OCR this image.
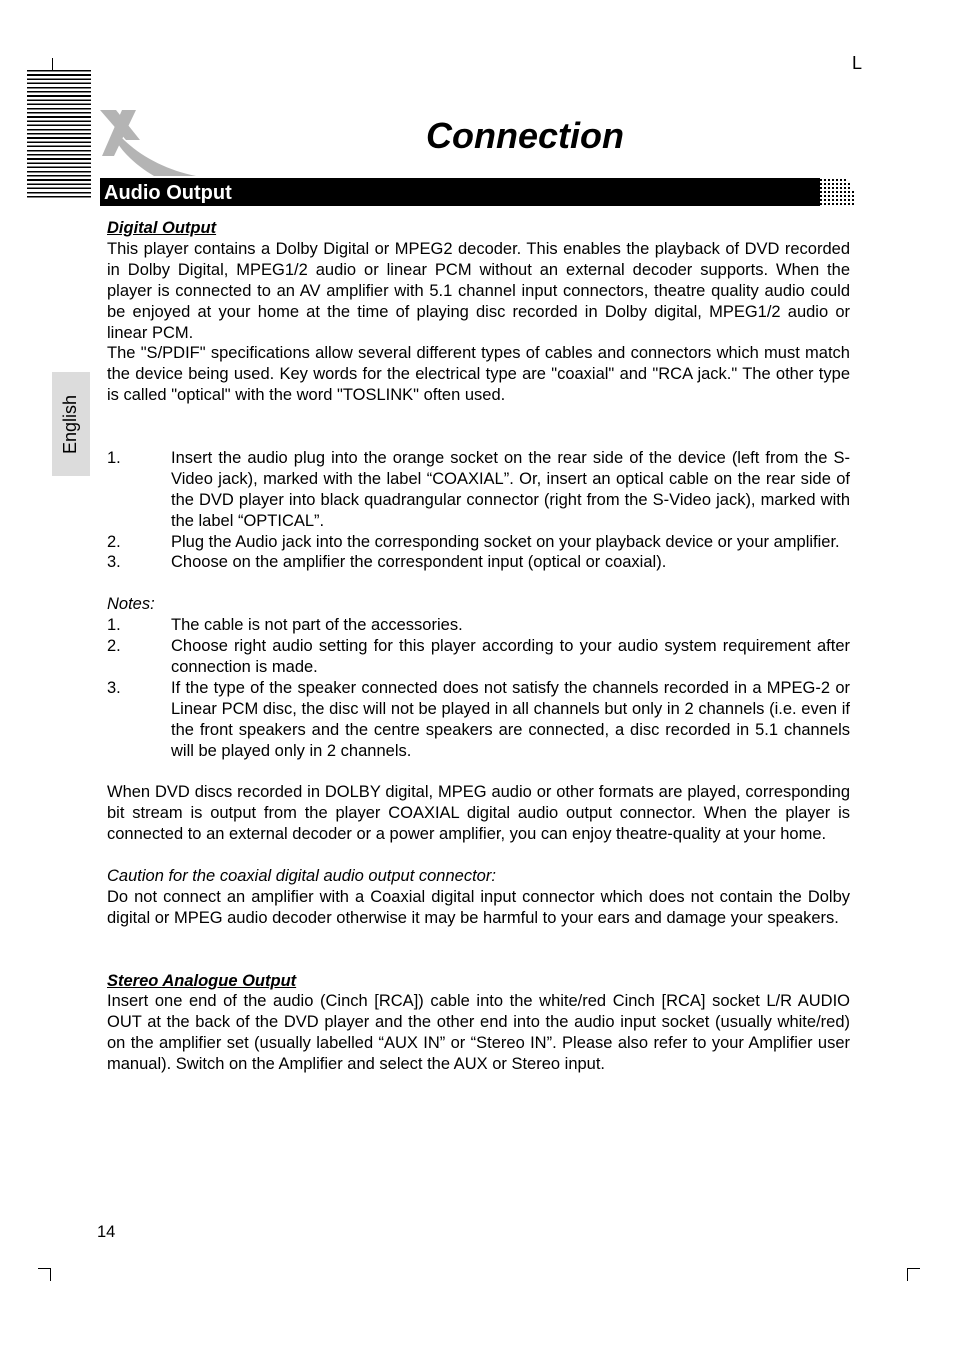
L
Connection
Audio Output
English

Digital Output

This player contains a Dolby Digital or MPEG2 decoder. This enables the playback of DVD recorded in Dolby Digital, MPEG1/2 audio or linear PCM without an external decoder supports. When the player is connected to an AV amplifier with 5.1 channel input connectors, theatre quality audio could be enjoyed at your home at the time of playing disc recorded in Dolby digital, MPEG1/2 audio or linear PCM.

The "S/PDIF" specifications allow several different types of cables and connectors which must match the device being used. Key words for the electrical type are "coaxial" and "RCA jack." The other type is called "optical" with the word "TOSLINK" often used.

1.	Insert the audio plug into the orange socket on the rear side of the device (left from the S-Video jack), marked with the label “COAXIAL”. Or, insert an optical cable on the rear side of the DVD player into black quadrangular connector (right from the S-Video jack), marked with the label “OPTICAL”.
2.	Plug the Audio jack into the corresponding socket on your playback device or your amplifier.
3.	Choose on the amplifier the correspondent input (optical or coaxial).

Notes:

1.	The cable is not part of the accessories.
2.	Choose right audio setting for this player according to your audio system requirement after connection is made.
3.	If the type of the speaker connected does not satisfy the channels recorded in a MPEG-2 or Linear PCM disc, the disc will not be played in all channels but only in 2 channels (i.e. even if the front speakers and the centre speakers are connected, a disc recorded in 5.1 channels will be played only in 2 channels.

When DVD discs recorded in DOLBY digital, MPEG audio or other formats are played, corresponding bit stream is output from the player COAXIAL digital audio output connector. When the player is connected to an external decoder or a power amplifier, you can enjoy theatre-quality at your home.

Caution for the coaxial digital audio output connector:

Do not connect an amplifier with a Coaxial digital input connector which does not contain the Dolby digital or MPEG audio decoder otherwise it may be harmful to your ears and damage your speakers.

Stereo Analogue Output

Insert one end of the audio (Cinch [RCA]) cable into the white/red Cinch [RCA] socket L/R AUDIO OUT at the back of the DVD player and the other end into the audio input socket (usually white/red) on the amplifier set (usually labelled “AUX IN” or “Stereo IN”. Please also refer to your Amplifier user manual). Switch on the Amplifier and select the AUX or Stereo input.

14
